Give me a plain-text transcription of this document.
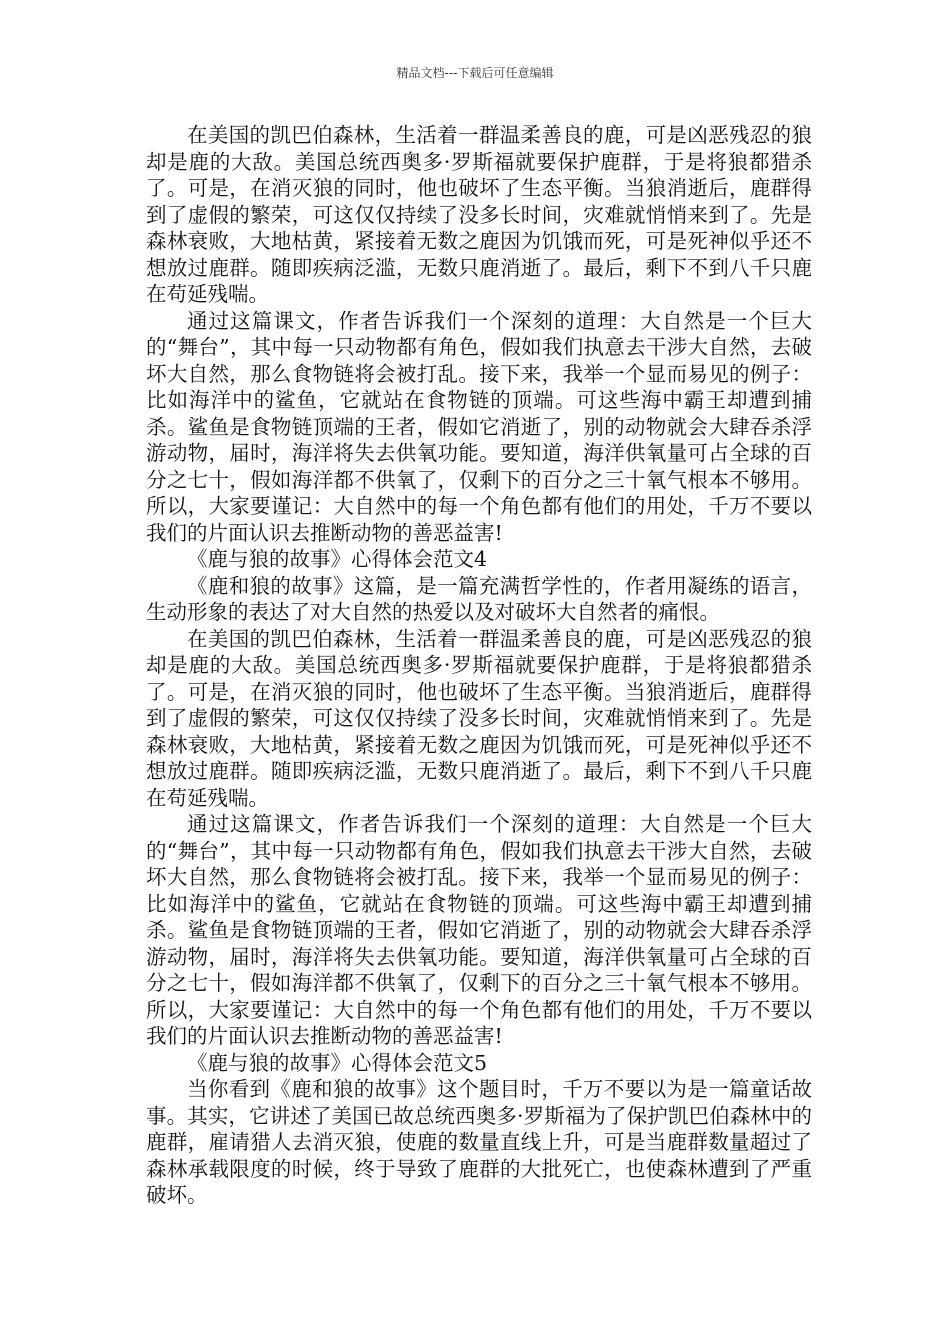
精品文档---下载后可任意编辑

在美国的凯巴伯森林，生活着一群温柔善良的鹿，可是凶恶残忍的狼却是鹿的大敌。美国总统西奥多·罗斯福就要保护鹿群，于是将狼都猎杀了。可是，在消灭狼的同时，他也破坏了生态平衡。当狼消逝后，鹿群得到了虚假的繁荣，可这仅仅持续了没多长时间，灾难就悄悄来到了。先是森林衰败，大地枯黄，紧接着无数之鹿因为饥饿而死，可是死神似乎还不想放过鹿群。随即疾病泛滥，无数只鹿消逝了。最后，剩下不到八千只鹿在苟延残喘。

通过这篇课文，作者告诉我们一个深刻的道理：大自然是一个巨大的“舞台”，其中每一只动物都有角色，假如我们执意去干涉大自然，去破坏大自然，那么食物链将会被打乱。接下来，我举一个显而易见的例子：比如海洋中的鲨鱼，它就站在食物链的顶端。可这些海中霸王却遭到捕杀。鲨鱼是食物链顶端的王者，假如它消逝了，别的动物就会大肆吞杀浮游动物，届时，海洋将失去供氧功能。要知道，海洋供氧量可占全球的百分之七十，假如海洋都不供氧了，仅剩下的百分之三十氧气根本不够用。所以，大家要谨记：大自然中的每一个角色都有他们的用处，千万不要以我们的片面认识去推断动物的善恶益害!

《鹿与狼的故事》心得体会范文4

《鹿和狼的故事》这篇，是一篇充满哲学性的，作者用凝练的语言，生动形象的表达了对大自然的热爱以及对破坏大自然者的痛恨。

在美国的凯巴伯森林，生活着一群温柔善良的鹿，可是凶恶残忍的狼却是鹿的大敌。美国总统西奥多·罗斯福就要保护鹿群，于是将狼都猎杀了。可是，在消灭狼的同时，他也破坏了生态平衡。当狼消逝后，鹿群得到了虚假的繁荣，可这仅仅持续了没多长时间，灾难就悄悄来到了。先是森林衰败，大地枯黄，紧接着无数之鹿因为饥饿而死，可是死神似乎还不想放过鹿群。随即疾病泛滥，无数只鹿消逝了。最后，剩下不到八千只鹿在苟延残喘。

通过这篇课文，作者告诉我们一个深刻的道理：大自然是一个巨大的“舞台”，其中每一只动物都有角色，假如我们执意去干涉大自然，去破坏大自然，那么食物链将会被打乱。接下来，我举一个显而易见的例子：比如海洋中的鲨鱼，它就站在食物链的顶端。可这些海中霸王却遭到捕杀。鲨鱼是食物链顶端的王者，假如它消逝了，别的动物就会大肆吞杀浮游动物，届时，海洋将失去供氧功能。要知道，海洋供氧量可占全球的百分之七十，假如海洋都不供氧了，仅剩下的百分之三十氧气根本不够用。所以，大家要谨记：大自然中的每一个角色都有他们的用处，千万不要以我们的片面认识去推断动物的善恶益害!

《鹿与狼的故事》心得体会范文5

当你看到《鹿和狼的故事》这个题目时，千万不要以为是一篇童话故事。其实，它讲述了美国已故总统西奥多·罗斯福为了保护凯巴伯森林中的鹿群，雇请猎人去消灭狼，使鹿的数量直线上升，可是当鹿群数量超过了森林承载限度的时候，终于导致了鹿群的大批死亡，也使森林遭到了严重破坏。
